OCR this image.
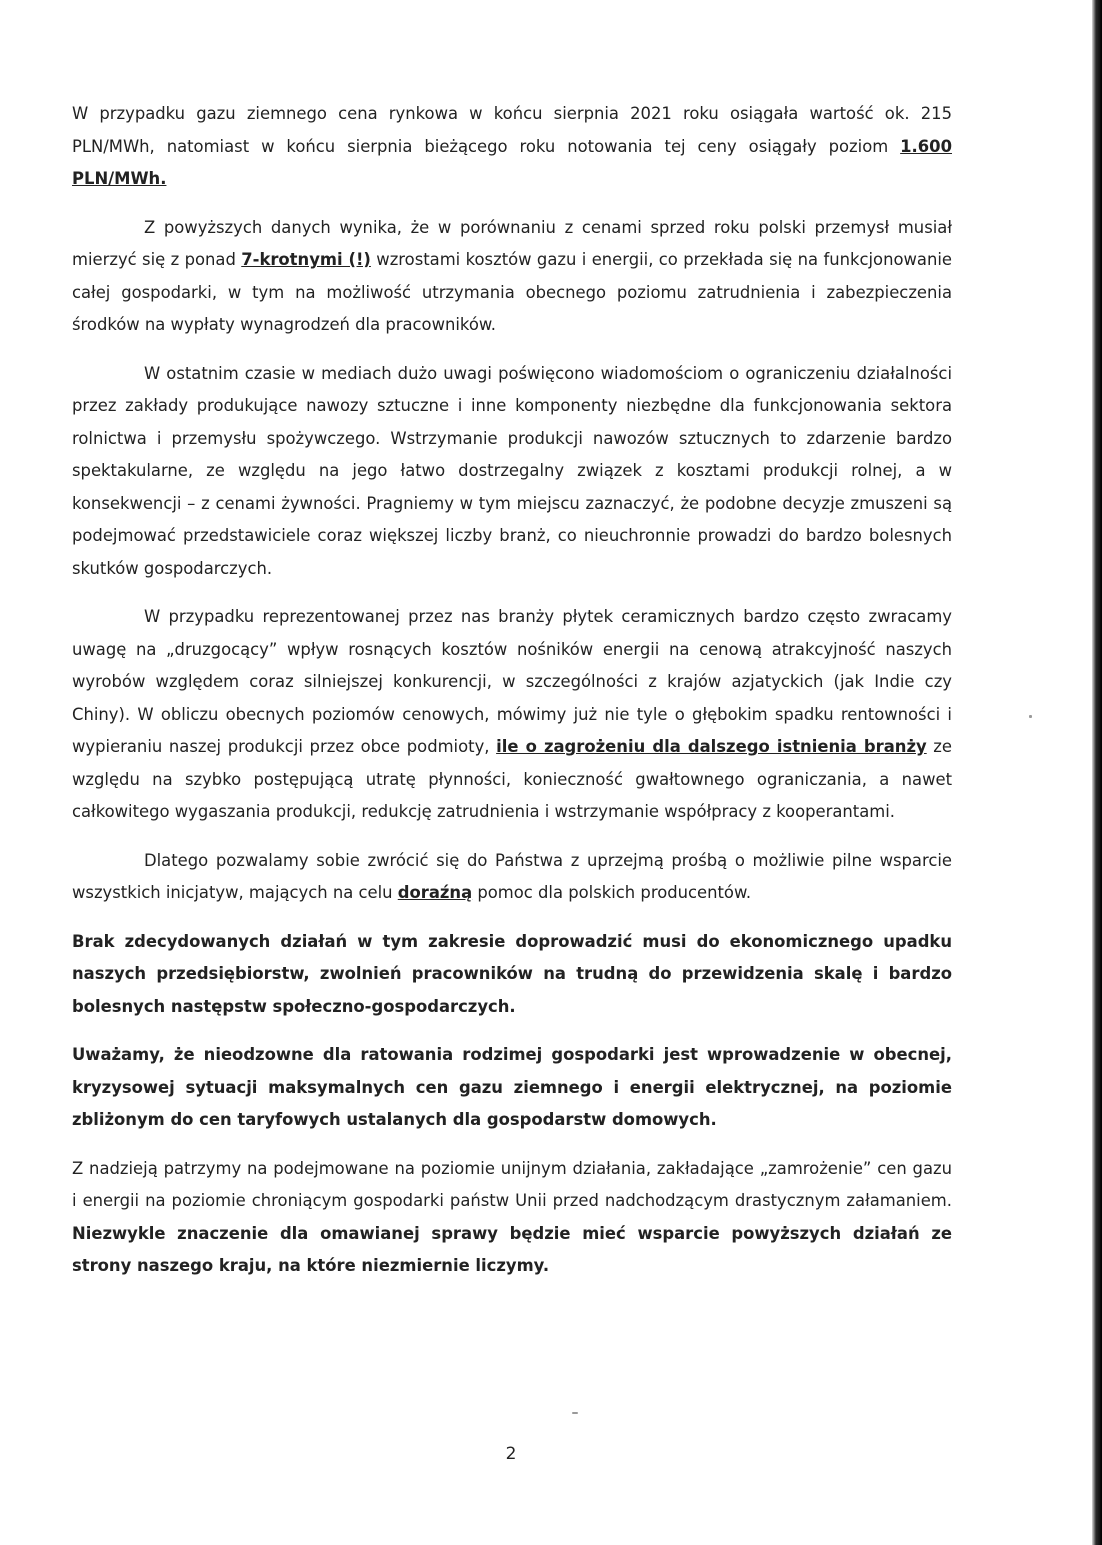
W przypadku gazu ziemnego cena rynkowa w końcu sierpnia 2021 roku osiągała wartość ok. 215 PLN/MWh, natomiast w końcu sierpnia bieżącego roku notowania tej ceny osiągały poziom 1.600 PLN/MWh.

Z powyższych danych wynika, że w porównaniu z cenami sprzed roku polski przemysł musiał mierzyć się z ponad 7-krotnymi (!) wzrostami kosztów gazu i energii, co przekłada się na funkcjonowanie całej gospodarki, w tym na możliwość utrzymania obecnego poziomu zatrudnienia i zabezpieczenia środków na wypłaty wynagrodzeń dla pracowników.

W ostatnim czasie w mediach dużo uwagi poświęcono wiadomościom o ograniczeniu działalności przez zakłady produkujące nawozy sztuczne i inne komponenty niezbędne dla funkcjonowania sektora rolnictwa i przemysłu spożywczego. Wstrzymanie produkcji nawozów sztucznych to zdarzenie bardzo spektakularne, ze względu na jego łatwo dostrzegalny związek z kosztami produkcji rolnej, a w konsekwencji – z cenami żywności. Pragniemy w tym miejscu zaznaczyć, że podobne decyzje zmuszeni są podejmować przedstawiciele coraz większej liczby branż, co nieuchronnie prowadzi do bardzo bolesnych skutków gospodarczych.

W przypadku reprezentowanej przez nas branży płytek ceramicznych bardzo często zwracamy uwagę na „druzgocący” wpływ rosnących kosztów nośników energii na cenową atrakcyjność naszych wyrobów względem coraz silniejszej konkurencji, w szczególności z krajów azjatyckich (jak Indie czy Chiny). W obliczu obecnych poziomów cenowych, mówimy już nie tyle o głębokim spadku rentowności i wypieraniu naszej produkcji przez obce podmioty, ile o zagrożeniu dla dalszego istnienia branży ze względu na szybko postępującą utratę płynności, konieczność gwałtownego ograniczania, a nawet całkowitego wygaszania produkcji, redukcję zatrudnienia i wstrzymanie współpracy z kooperantami.

Dlatego pozwalamy sobie zwrócić się do Państwa z uprzejmą prośbą o możliwie pilne wsparcie wszystkich inicjatyw, mających na celu doraźną pomoc dla polskich producentów.

Brak zdecydowanych działań w tym zakresie doprowadzić musi do ekonomicznego upadku naszych przedsiębiorstw, zwolnień pracowników na trudną do przewidzenia skalę i bardzo bolesnych następstw społeczno-gospodarczych.

Uważamy, że nieodzowne dla ratowania rodzimej gospodarki jest wprowadzenie w obecnej, kryzysowej sytuacji maksymalnych cen gazu ziemnego i energii elektrycznej, na poziomie zbliżonym do cen taryfowych ustalanych dla gospodarstw domowych.

Z nadzieją patrzymy na podejmowane na poziomie unijnym działania, zakładające „zamrożenie” cen gazu i energii na poziomie chroniącym gospodarki państw Unii przed nadchodzącym drastycznym załamaniem. Niezwykle znaczenie dla omawianej sprawy będzie mieć wsparcie powyższych działań ze strony naszego kraju, na które niezmiernie liczymy.

2
